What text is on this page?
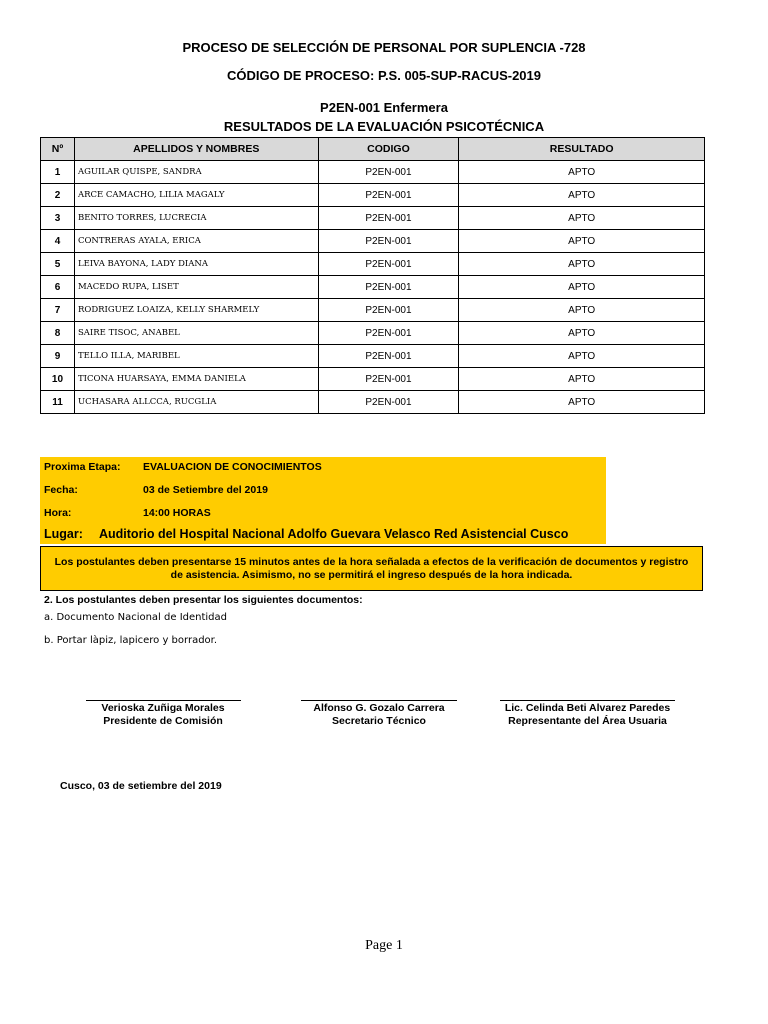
PROCESO DE SELECCIÓN DE PERSONAL POR SUPLENCIA -728
CÓDIGO DE PROCESO: P.S. 005-SUP-RACUS-2019
P2EN-001 Enfermera
RESULTADOS DE LA EVALUACIÓN PSICOTÉCNICA
Nº	APELLIDOS Y NOMBRES	CODIGO	RESULTADO
1	AGUILAR QUISPE, SANDRA	P2EN-001	APTO
2	ARCE CAMACHO, LILIA MAGALY	P2EN-001	APTO
3	BENITO TORRES, LUCRECIA	P2EN-001	APTO
4	CONTRERAS AYALA, ERICA	P2EN-001	APTO
5	LEIVA BAYONA, LADY DIANA	P2EN-001	APTO
6	MACEDO RUPA, LISET	P2EN-001	APTO
7	RODRIGUEZ LOAIZA, KELLY SHARMELY	P2EN-001	APTO
8	SAIRE TISOC, ANABEL	P2EN-001	APTO
9	TELLO ILLA, MARIBEL	P2EN-001	APTO
10	TICONA HUARSAYA, EMMA DANIELA	P2EN-001	APTO
11	UCHASARA ALLCCA, RUCGLIA	P2EN-001	APTO
Proxima Etapa: EVALUACION DE CONOCIMIENTOS
Fecha:	03 de Setiembre del 2019
Hora:	14:00 HORAS
Lugar: Auditorio del Hospital Nacional Adolfo Guevara Velasco Red Asistencial Cusco
Los postulantes deben presentarse 15 minutos antes de la hora señalada a efectos de la verificación de documentos y registro de asistencia. Asimismo, no se permitirá el ingreso después de la hora indicada.
2. Los postulantes deben presentar los siguientes documentos:
a. Documento Nacional de Identidad
b. Portar làpiz, lapicero y borrador.
Verioska Zuñiga Morales
Presidente de Comisión
Alfonso G. Gozalo Carrera
Secretario Técnico
Lic. Celinda Beti Alvarez Paredes
Representante del Área Usuaria
Cusco, 03 de setiembre del 2019
Page 1
